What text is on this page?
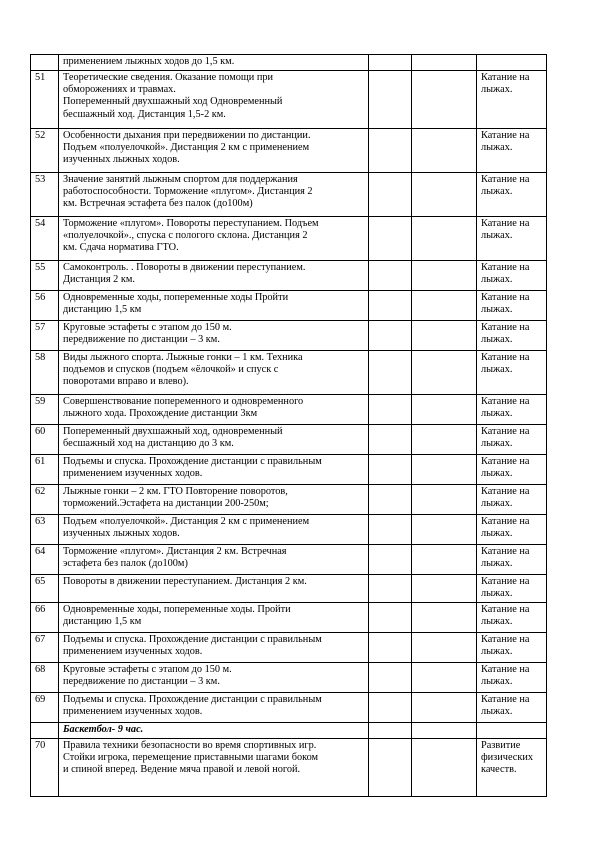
	применением лыжных ходов до 1,5 км.			

51	Теоретические сведения. Оказание помощи при
обморожениях и травмах.
Попеременный двухшажный ход Одновременный
бесшажный ход. Дистанция 1,5-2 км.			Катание на лыжах.
52	Особенности дыхания при передвижении по дистанции.
Подъем «полуелочкой». Дистанция 2 км с применением
изученных лыжных ходов.			Катание на лыжах.
53	Значение занятий лыжным спортом для поддержания
работоспособности. Торможение «плугом». Дистанция 2
км. Встречная эстафета без палок (до100м)			Катание на лыжах.
54	Торможение «плугом». Повороты переступанием. Подъем
«полуелочкой»., спуска с пологого склона. Дистанция 2
км. Сдача норматива ГТО.			Катание на лыжах.
55	Самоконтроль. . Повороты в движении переступанием.
Дистанция 2 км.			Катание на лыжах.
56	Одновременные ходы, попеременные ходы Пройти
дистанцию 1,5 км			Катание на лыжах.
57	Круговые эстафеты с этапом до 150 м.
передвижение по дистанции – 3 км.			Катание на лыжах.
58	Виды лыжного спорта. Лыжные гонки – 1 км. Техника
подъемов и спусков (подъем «ёлочкой» и спуск с
поворотами вправо и влево).			Катание на лыжах.
59	Совершенствование попеременного и одновременного
лыжного хода. Прохождение дистанции 3км			Катание на лыжах.
60	Попеременный двухшажный ход, одновременный
бесшажный ход на дистанцию до 3 км.			Катание на лыжах.
61	Подъемы и спуска. Прохождение дистанции с правильным
применением изученных ходов.			Катание на лыжах.
62	Лыжные гонки – 2 км. ГТО Повторение поворотов,
торможений.Эстафета на дистанции 200-250м;			Катание на лыжах.
63	Подъем «полуелочкой». Дистанция 2 км с применением
изученных лыжных ходов.			Катание на лыжах.
64	Торможение «плугом». Дистанция 2 км. Встречная
эстафета без палок (до100м)			Катание на лыжах.
65	Повороты в движении переступанием. Дистанция 2 км.			Катание на лыжах.
66	Одновременные ходы, попеременные ходы. Пройти
дистанцию 1,5 км			Катание на лыжах.
67	Подъемы и спуска. Прохождение дистанции с правильным
применением изученных ходов.			Катание на лыжах.
68	Круговые эстафеты с этапом до 150 м.
передвижение по дистанции – 3 км.			Катание на лыжах.
69	Подъемы и спуска. Прохождение дистанции с правильным
применением изученных ходов.			Катание на лыжах.

	Баскетбол- 9 час.			

70	Правила техники безопасности во время спортивных игр.
Стойки игрока, перемещение приставными шагами боком
и спиной вперед. Ведение мяча правой и левой ногой.			Развитие физических качеств.
